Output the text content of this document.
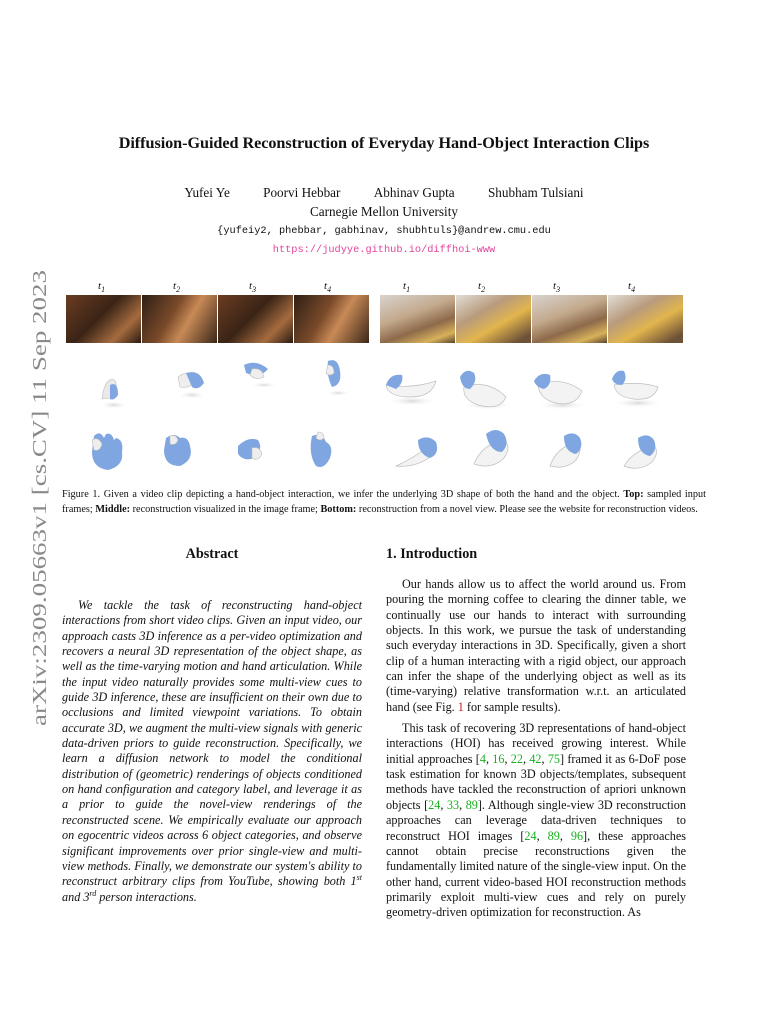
arXiv:2309.05663v1 [cs.CV] 11 Sep 2023
Diffusion-Guided Reconstruction of Everyday Hand-Object Interaction Clips
Yufei Ye	Poorvi Hebbar	Abhinav Gupta	Shubham Tulsiani
Carnegie Mellon University
{yufeiy2, phebbar, gabhinav, shubhtuls}@andrew.cmu.edu
https://judyye.github.io/diffhoi-www
$t_1$	$t_2$	$t_3$	$t_4$	$t_1$	$t_2$	$t_3$	$t_4$
Figure 1. Given a video clip depicting a hand-object interaction, we infer the underlying 3D shape of both the hand and the object. Top: sampled input frames; Middle: reconstruction visualized in the image frame; Bottom: reconstruction from a novel view. Please see the website for reconstruction videos.
Abstract	1. Introduction

We tackle the task of reconstructing hand-object interactions from short video clips. Given an input video, our approach casts 3D inference as a per-video optimization and recovers a neural 3D representation of the object shape, as well as the time-varying motion and hand articulation. While the input video naturally provides some multi-view cues to guide 3D inference, these are insufficient on their own due to occlusions and limited viewpoint variations. To obtain accurate 3D, we augment the multi-view signals with generic data-driven priors to guide reconstruction. Specifically, we learn a diffusion network to model the conditional distribution of (geometric) renderings of objects conditioned on hand configuration and category label, and leverage it as a prior to guide the novel-view renderings of the reconstructed scene. We empirically evaluate our approach on egocentric videos across 6 object categories, and observe significant improvements over prior single-view and multi-view methods. Finally, we demonstrate our system's ability to reconstruct arbitrary clips from YouTube, showing both 1st and 3rd person interactions.

Our hands allow us to affect the world around us. From pouring the morning coffee to clearing the dinner table, we continually use our hands to interact with surrounding objects. In this work, we pursue the task of understanding such everyday interactions in 3D. Specifically, given a short clip of a human interacting with a rigid object, our approach can infer the shape of the underlying object as well as its (time-varying) relative transformation w.r.t. an articulated hand (see Fig. 1 for sample results).

This task of recovering 3D representations of hand-object interactions (HOI) has received growing interest. While initial approaches [4, 16, 22, 42, 75] framed it as 6-DoF pose task estimation for known 3D objects/templates, subsequent methods have tackled the reconstruction of apriori unknown objects [24, 33, 89]. Although single-view 3D reconstruction approaches can leverage data-driven techniques to reconstruct HOI images [24, 89, 96], these approaches cannot obtain precise reconstructions given the fundamentally limited nature of the single-view input. On the other hand, current video-based HOI reconstruction methods primarily exploit multi-view cues and rely on purely geometry-driven optimization for reconstruction. As
